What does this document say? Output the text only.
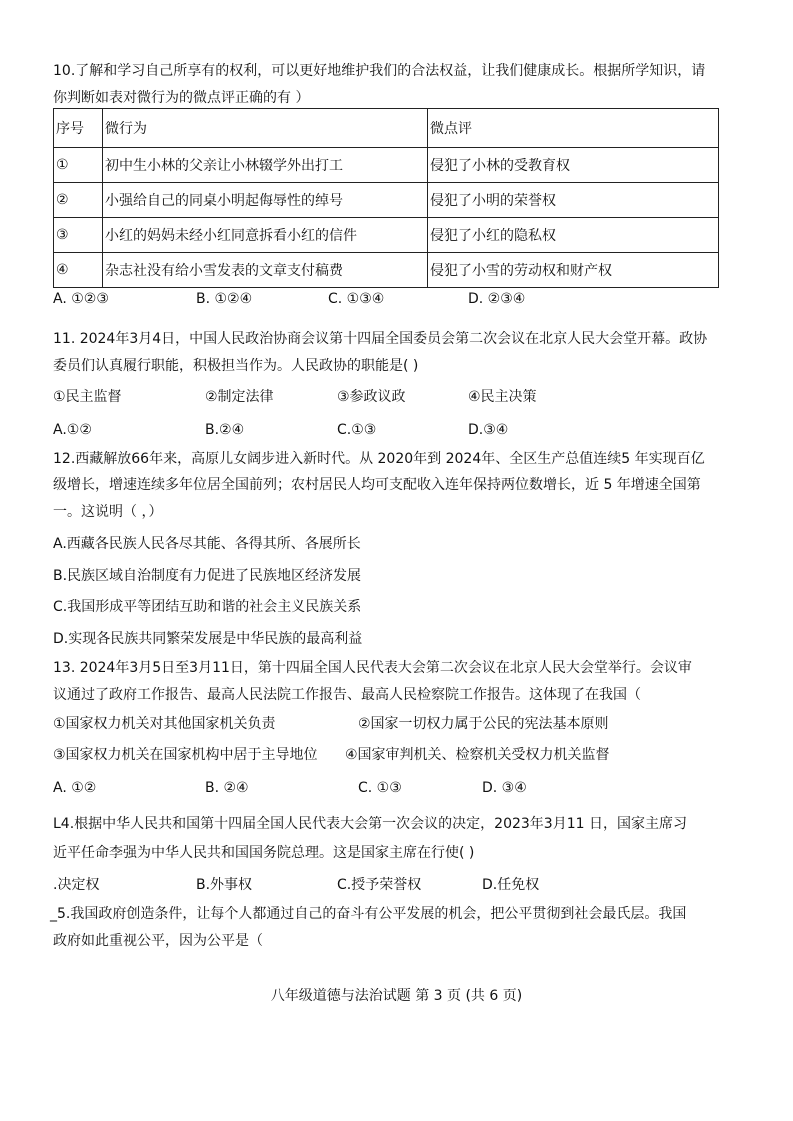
10.了解和学习自己所享有的权利，可以更好地维护我们的合法权益，让我们健康成长。根据所学知识，请
你判断如表对微行为的微点评正确的有 ）
序号	微行为	微点评
①	初中生小林的父亲让小林辍学外出打工	侵犯了小林的受教育权
②	小强给自己的同桌小明起侮辱性的绰号	侵犯了小明的荣誉权
③	小红的妈妈未经小红同意拆看小红的信件	侵犯了小红的隐私权
④	杂志社没有给小雪发表的文章支付稿费	侵犯了小雪的劳动权和财产权
A. ①②③	B. ①②④	C. ①③④	D. ②③④
11. 2024年3月4日，中国人民政治协商会议第十四届全国委员会第二次会议在北京人民大会堂开幕。政协
委员们认真履行职能，积极担当作为。人民政协的职能是( )
①民主监督	②制定法律	③参政议政	④民主决策
A.①②	B.②④	C.①③	D.③④
12.西藏解放66年来，高原儿女阔步进入新时代。从 2020年到 2024年、全区生产总值连续5 年实现百亿
级增长，增速连续多年位居全国前列；农村居民人均可支配收入连年保持两位数增长，近 5 年增速全国第
一。这说明（ ，）
A.西藏各民族人民各尽其能、各得其所、各展所长
B.民族区域自治制度有力促进了民族地区经济发展
C.我国形成平等团结互助和谐的社会主义民族关系
D.实现各民族共同繁荣发展是中华民族的最高利益
13. 2024年3月5日至3月11日，第十四届全国人民代表大会第二次会议在北京人民大会堂举行。会议审
议通过了政府工作报告、最高人民法院工作报告、最高人民检察院工作报告。这体现了在我国（
①国家权力机关对其他国家机关负责	②国家一切权力属于公民的宪法基本原则
③国家权力机关在国家机构中居于主导地位 ④国家审判机关、检察机关受权力机关监督
A. ①②	B. ②④	C. ①③	D. ③④
L4.根据中华人民共和国第十四届全国人民代表大会第一次会议的决定，2023年3月11 日，国家主席习
近平任命李强为中华人民共和国国务院总理。这是国家主席在行使( )
.决定权	B.外事权	C.授予荣誉权	D.任免权
_5.我国政府创造条件，让每个人都通过自己的奋斗有公平发展的机会，把公平贯彻到社会最氏层。我国
政府如此重视公平，因为公平是（
八年级道德与法治试题 第 3 页 (共 6 页)
